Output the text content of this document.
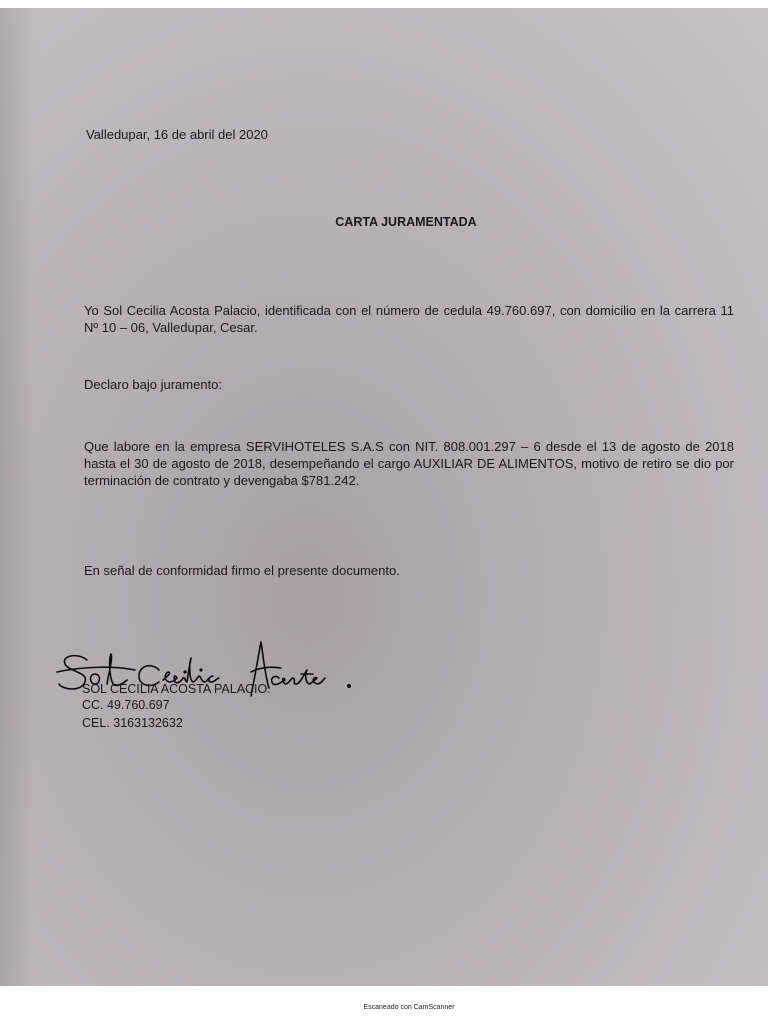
Valledupar, 16 de abril del 2020
CARTA JURAMENTADA
Yo Sol Cecilia Acosta Palacio, identificada con el número de cedula 49.760.697, con domicilio en la carrera 11 Nº 10 – 06, Valledupar, Cesar.
Declaro bajo juramento:
Que labore en la empresa SERVIHOTELES S.A.S con NIT. 808.001.297 – 6 desde el 13 de agosto de 2018 hasta el 30 de agosto de 2018, desempeñando el cargo AUXILIAR DE ALIMENTOS, motivo de retiro se dio por terminación de contrato y devengaba $781.242.
En señal de conformidad firmo el presente documento.
SOL CECILIA ACOSTA PALACIO.
CC. 49.760.697
CEL. 3163132632
Escaneado con CamScanner
